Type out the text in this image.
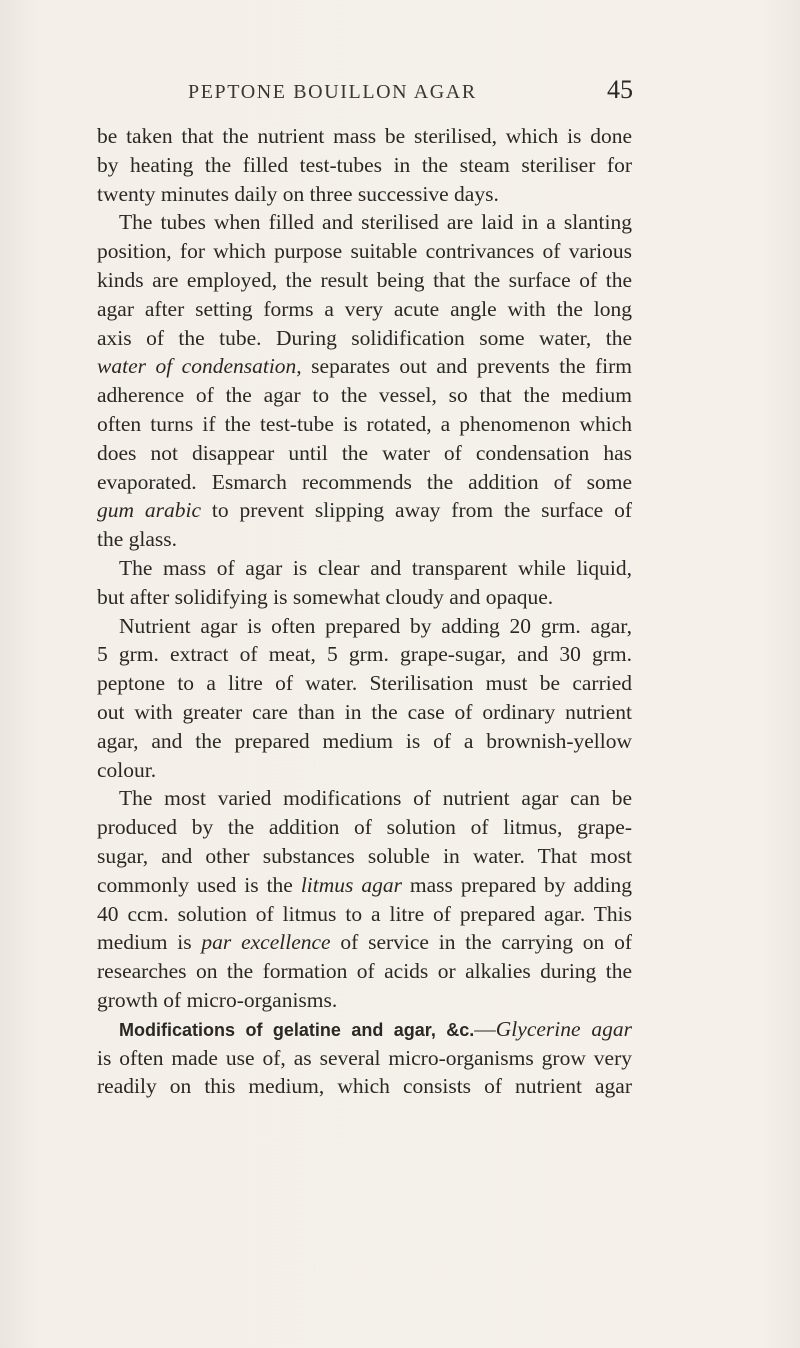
PEPTONE BOUILLON AGAR	45
be taken that the nutrient mass be sterilised, which is done
by heating the filled test-tubes in the steam steriliser for
twenty minutes daily on three successive days.
The tubes when filled and sterilised are laid in a slanting
position, for which purpose suitable contrivances of various
kinds are employed, the result being that the surface of the
agar after setting forms a very acute angle with the long
axis of the tube. During solidification some water, the
water of condensation, separates out and prevents the firm
adherence of the agar to the vessel, so that the medium
often turns if the test-tube is rotated, a phenomenon which
does not disappear until the water of condensation has
evaporated. Esmarch recommends the addition of some
gum arabic to prevent slipping away from the surface of
the glass.
The mass of agar is clear and transparent while liquid,
but after solidifying is somewhat cloudy and opaque.
Nutrient agar is often prepared by adding 20 grm. agar,
5 grm. extract of meat, 5 grm. grape-sugar, and 30 grm.
peptone to a litre of water. Sterilisation must be carried
out with greater care than in the case of ordinary nutrient
agar, and the prepared medium is of a brownish-yellow
colour.
The most varied modifications of nutrient agar can be
produced by the addition of solution of litmus, grape-
sugar, and other substances soluble in water. That most
commonly used is the litmus agar mass prepared by adding
40 ccm. solution of litmus to a litre of prepared agar. This
medium is par excellence of service in the carrying on of
researches on the formation of acids or alkalies during the
growth of micro-organisms.
Modifications of gelatine and agar, &c.—Glycerine agar
is often made use of, as several micro-organisms grow very
readily on this medium, which consists of nutrient agar
